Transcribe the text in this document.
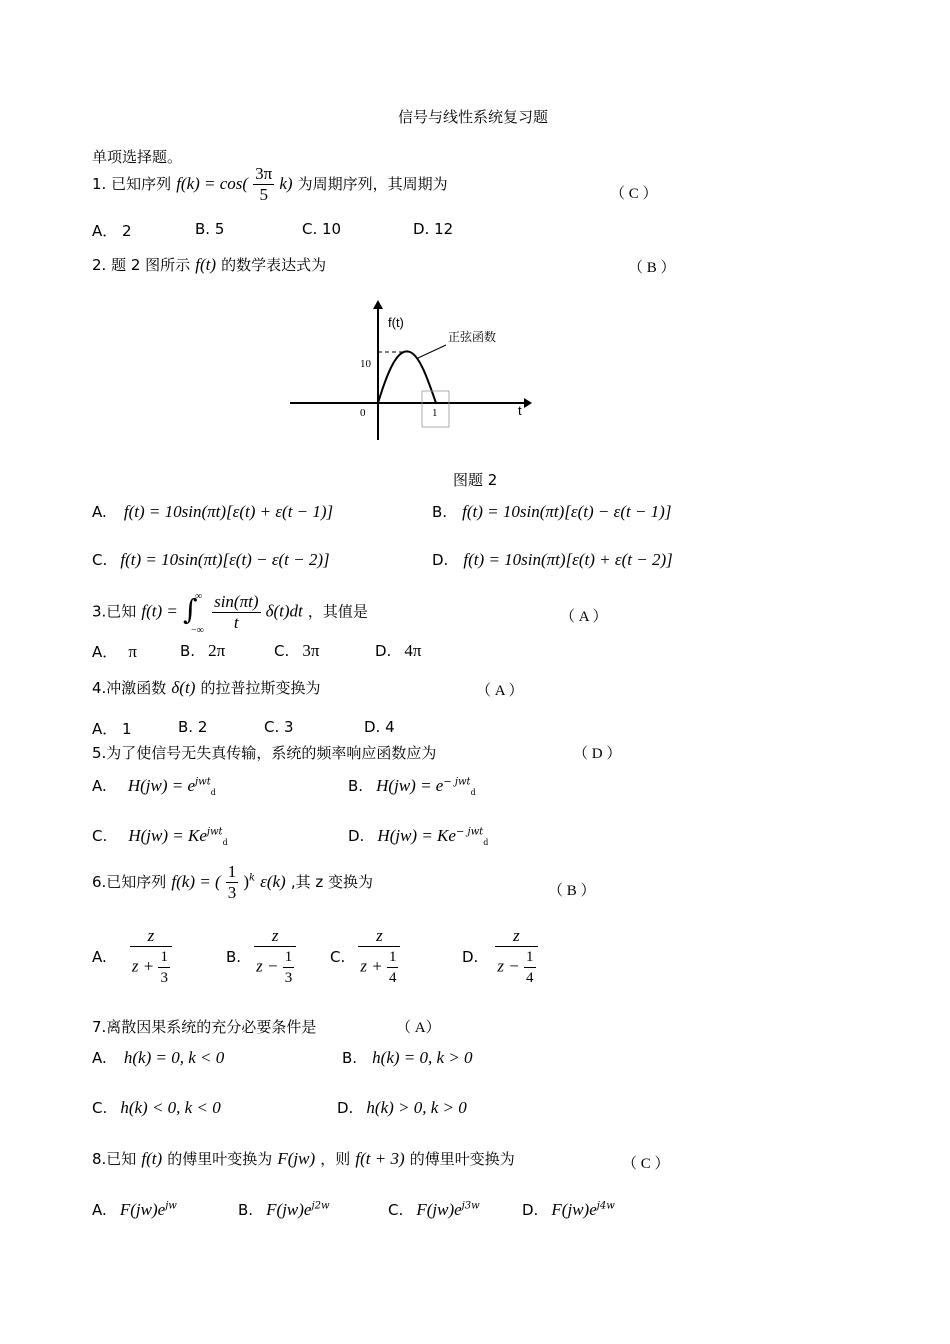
信号与线性系统复习题
单项选择题。
1. 已知序列 $f(k) = \cos( \frac{3\pi}{5} k)$ 为周期序列，其周期为
（ C ）
A． 2	B. 5	C. 10	D. 12
2. 题 2 图所示 f(t) 的数学表达式为	（ B ）
f(t)
t
正弦函数
10
0	1
图题 2
A. f(t) = 10sin(πt)[ε(t) + ε(t − 1)]	B. f(t) = 10sin(πt)[ε(t) − ε(t − 1)]
C. f(t) = 10sin(πt)[ε(t) − ε(t − 2)]	D. f(t) = 10sin(πt)[ε(t) + ε(t − 2)]
3.已知 f(t) = ∫
∞
−∞
$\frac{\sin(\pi t)}{t} \delta(t)dt$ ，其值是	（ A ）
A． π	B. 2π	C. 3π	D. 4π
4.冲激函数 δ(t) 的拉普拉斯变换为	（ A ）
A． 1	B. 2	C. 3	D. 4
5.为了使信号无失真传输，系统的频率响应函数应为	（ D ）
A. $H(jw) = e^{jwt}_d$	B. $H(jw) = e^{- jwt}_d$
C. $H(jw) = Ke^{jwt}_d$	D. $H(jw) = Ke^{- jwt}_d$
6.已知序列 f(k) = ( $\frac{1}{3} )^k$ ε(k) ,其 z 变换为	（ B ）
A. $\frac{z}{z + \frac{1}{3}}$	B. $\frac{z}{z - \frac{1}{3}} C$. $\frac{z}{z + \frac{1}{4}}$	D. $\frac{z}{z - \frac{1}{4}}$
7.离散因果系统的充分必要条件是	（ A）
A. h(k) = 0, k < 0	B. h(k) = 0, k > 0
C. h(k) < 0, k < 0	D. h(k) > 0, k > 0
8.已知 f(t) 的傅里叶变换为 F(jw) ，则 f(t + 3) 的傅里叶变换为	（ C ）
A. $F(jw)e^{jw}$	B. $F(jw)e^{j2w}$	C. $F(jw)e^{j3w}$	D. $F(jw)e^{j4w}$
